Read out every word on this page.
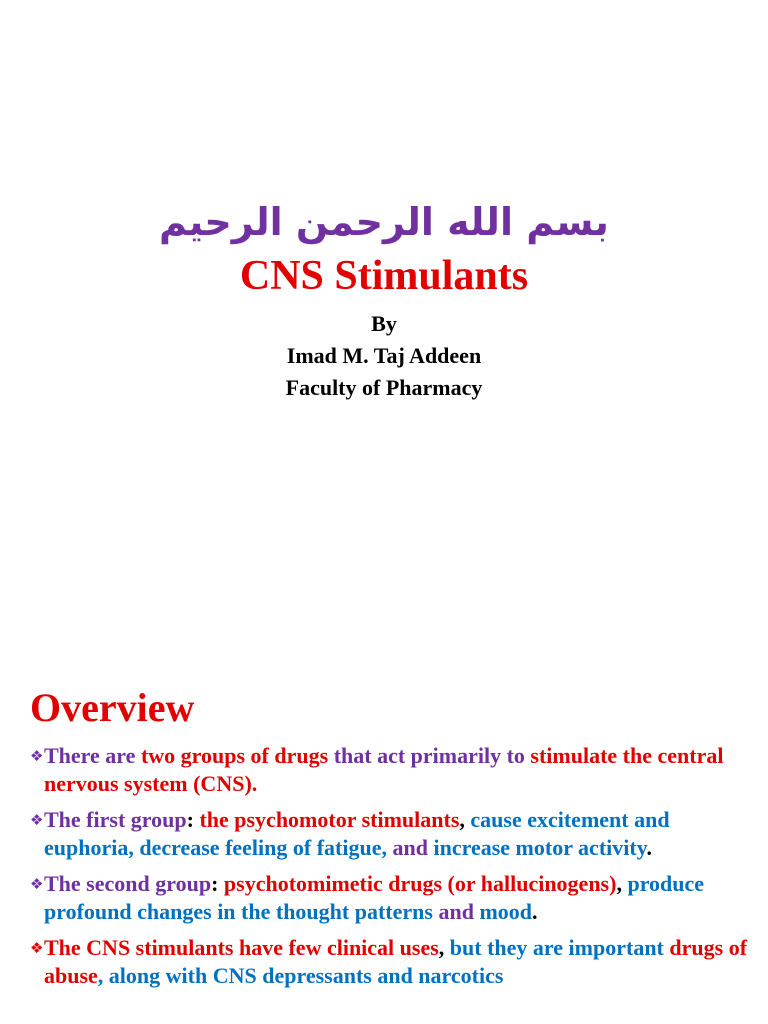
بسم الله الرحمن الرحيم
CNS Stimulants
By
Imad M. Taj Addeen
Faculty of Pharmacy
Overview
❖There are two groups of drugs that act primarily to stimulate the central nervous system (CNS).
❖The first group: the psychomotor stimulants, cause excitement and euphoria, decrease feeling of fatigue, and increase motor activity.
❖The second group: psychotomimetic drugs (or hallucinogens), produce profound changes in the thought patterns and mood.
❖The CNS stimulants have few clinical uses, but they are important drugs of abuse, along with CNS depressants and narcotics
